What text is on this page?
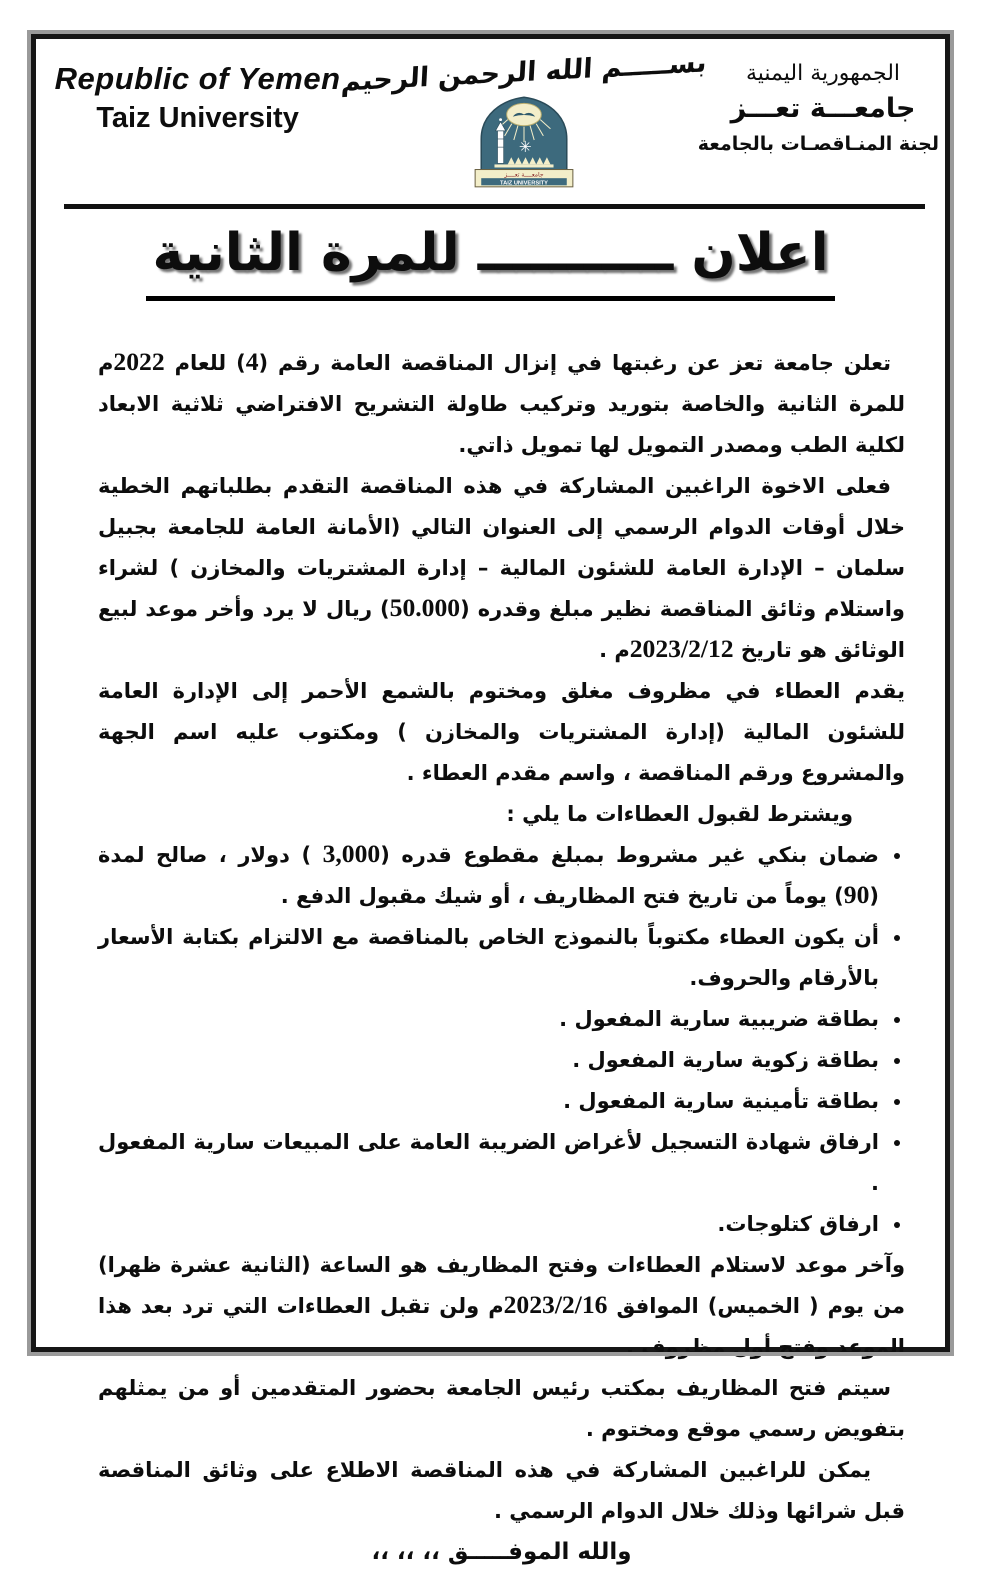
Republic of Yemen
Taiz University
بســـــم الله الرحمن الرحيم
✳
جامعــــة تعــــز
TAIZ UNIVERSITY
الجمهورية اليمنية
جامعـــة تعـــز
لجنة المنـاقصـات بالجامعة
اعلان ـــــــــــ للمرة الثانية

تعلن جامعة تعز عن رغبتها في إنزال المناقصة العامة رقم (4) للعام 2022م للمرة الثانية والخاصة بتوريد وتركيب طاولة التشريح الافتراضي ثلاثية الابعاد لكلية الطب ومصدر التمويل لها تمويل ذاتي.

فعلى الاخوة الراغبين المشاركة في هذه المناقصة التقدم بطلباتهم الخطية خلال أوقات الدوام الرسمي إلى العنوان التالي (الأمانة العامة للجامعة بجبيل سلمان – الإدارة العامة للشئون المالية – إدارة المشتريات والمخازن ) لشراء واستلام وثائق المناقصة نظير مبلغ وقدره (50.000) ريال لا يرد وأخر موعد لبيع الوثائق هو تاريخ 2023/2/12م .

يقدم العطاء في مظروف مغلق ومختوم بالشمع الأحمر إلى الإدارة العامة للشئون المالية (إدارة المشتريات والمخازن ) ومكتوب عليه اسم الجهة والمشروع ورقم المناقصة ، واسم مقدم العطاء .

ويشترط لقبول العطاءات ما يلي :

• ضمان بنكي غير مشروط بمبلغ مقطوع قدره (3,000 ) دولار ، صالح لمدة (90) يوماً من تاريخ فتح المظاريف ، أو شيك مقبول الدفع .
• أن يكون العطاء مكتوباً بالنموذج الخاص بالمناقصة مع الالتزام بكتابة الأسعار بالأرقام والحروف.
• بطاقة ضريبية سارية المفعول .
• بطاقة زكوية سارية المفعول .
• بطاقة تأمينية سارية المفعول .
• ارفاق شهادة التسجيل لأغراض الضريبة العامة على المبيعات سارية المفعول .
• ارفاق كتلوجات.

وآخر موعد لاستلام العطاءات وفتح المظاريف هو الساعة (الثانية عشرة ظهرا) من يوم ( الخميس) الموافق 2023/2/16م ولن تقبل العطاءات التي ترد بعد هذا الموعد وفتح أول مظروف .

سيتم فتح المظاريف بمكتب رئيس الجامعة بحضور المتقدمين أو من يمثلهم بتفويض رسمي موقع ومختوم .

يمكن للراغبين المشاركة في هذه المناقصة الاطلاع على وثائق المناقصة قبل شرائها وذلك خلال الدوام الرسمي .

والله الموفـــــق ،، ،، ،،
